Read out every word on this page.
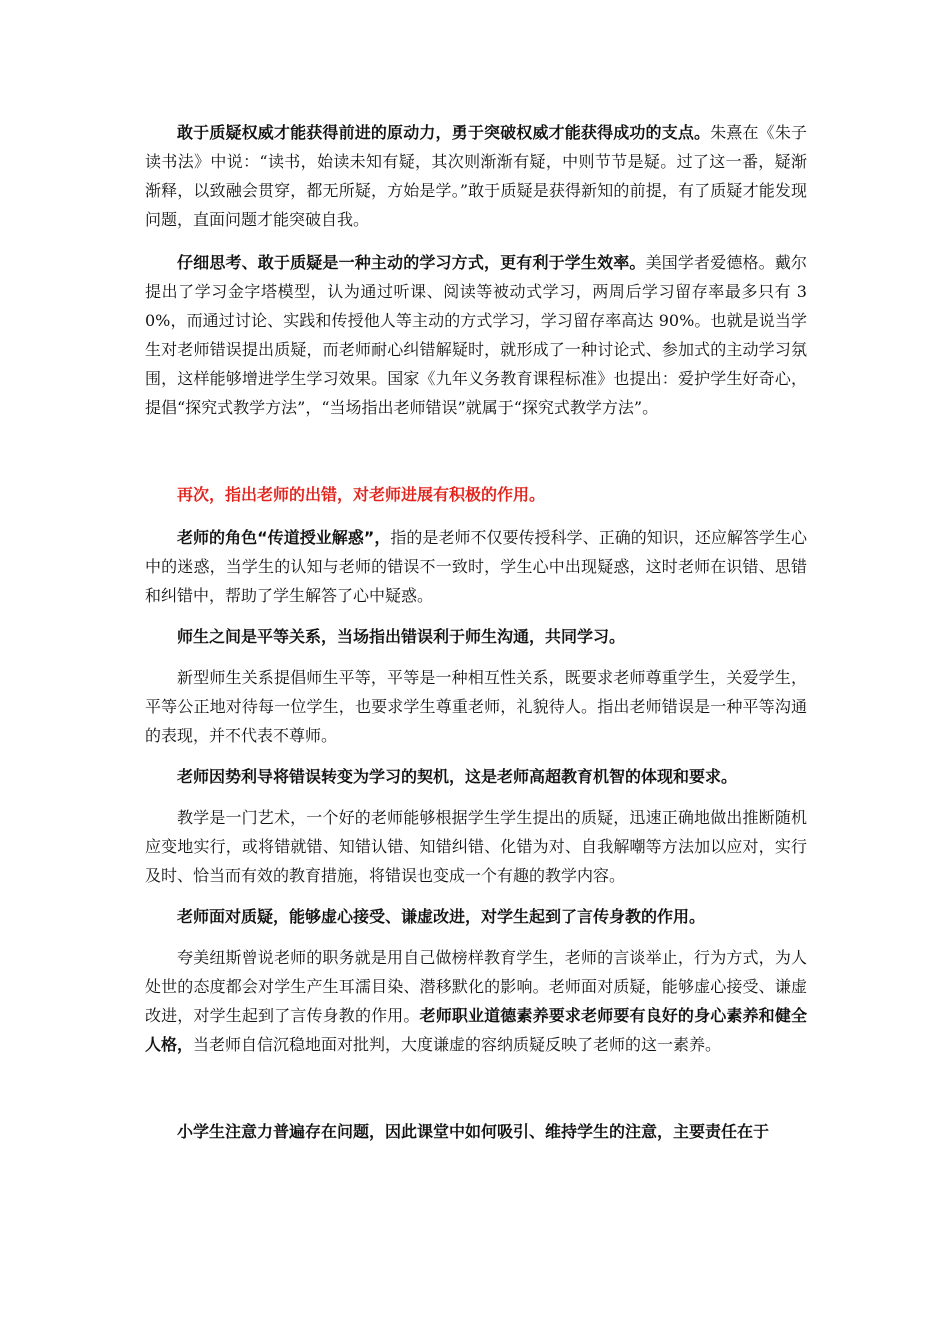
敢于质疑权威才能获得前进的原动力，勇于突破权威才能获得成功的支点。朱熹在《朱子读书法》中说：“读书，始读未知有疑，其次则渐渐有疑，中则节节是疑。过了这一番，疑渐渐释，以致融会贯穿，都无所疑，方始是学。”敢于质疑是获得新知的前提，有了质疑才能发现问题，直面问题才能突破自我。

仔细思考、敢于质疑是一种主动的学习方式，更有利于学生效率。美国学者爱德格。戴尔提出了学习金字塔模型，认为通过听课、阅读等被动式学习，两周后学习留存率最多只有 30%，而通过讨论、实践和传授他人等主动的方式学习，学习留存率高达 90%。也就是说当学生对老师错误提出质疑，而老师耐心纠错解疑时，就形成了一种讨论式、参加式的主动学习氛围，这样能够增进学生学习效果。国家《九年义务教育课程标准》也提出：爱护学生好奇心，提倡“探究式教学方法”，“当场指出老师错误”就属于“探究式教学方法”。

再次，指出老师的出错，对老师进展有积极的作用。

老师的角色“传道授业解惑”，指的是老师不仅要传授科学、正确的知识，还应解答学生心中的迷惑，当学生的认知与老师的错误不一致时，学生心中出现疑惑，这时老师在识错、思错和纠错中，帮助了学生解答了心中疑惑。

师生之间是平等关系，当场指出错误利于师生沟通，共同学习。

新型师生关系提倡师生平等，平等是一种相互性关系，既要求老师尊重学生，关爱学生，平等公正地对待每一位学生，也要求学生尊重老师，礼貌待人。指出老师错误是一种平等沟通的表现，并不代表不尊师。

老师因势利导将错误转变为学习的契机，这是老师高超教育机智的体现和要求。

教学是一门艺术，一个好的老师能够根据学生学生提出的质疑，迅速正确地做出推断随机应变地实行，或将错就错、知错认错、知错纠错、化错为对、自我解嘲等方法加以应对，实行及时、恰当而有效的教育措施，将错误也变成一个有趣的教学内容。

老师面对质疑，能够虚心接受、谦虚改进，对学生起到了言传身教的作用。

夸美纽斯曾说老师的职务就是用自己做榜样教育学生，老师的言谈举止，行为方式，为人处世的态度都会对学生产生耳濡目染、潜移默化的影响。老师面对质疑，能够虚心接受、谦虚改进，对学生起到了言传身教的作用。老师职业道德素养要求老师要有良好的身心素养和健全人格，当老师自信沉稳地面对批判，大度谦虚的容纳质疑反映了老师的这一素养。

小学生注意力普遍存在问题，因此课堂中如何吸引、维持学生的注意，主要责任在于
